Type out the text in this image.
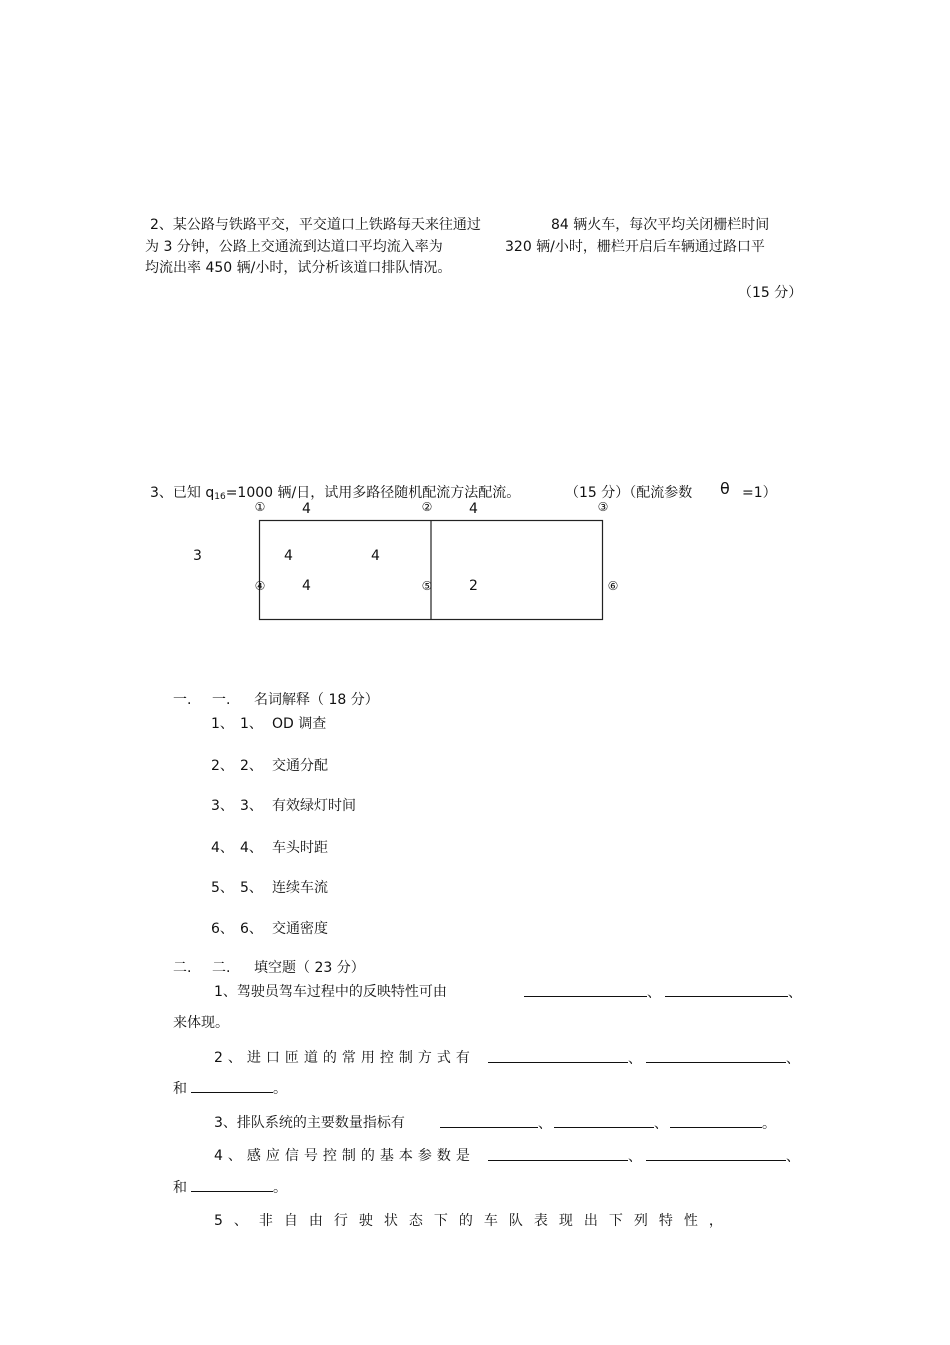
2、某公路与铁路平交，平交道口上铁路每天来往通过	84 辆火车，每次平均关闭栅栏时间
为 3 分钟，公路上交通流到达道口平均流入率为	320 辆/小时，栅栏开启后车辆通过路口平
均流出率 450 辆/小时，试分析该道口排队情况。
（15 分）
3、已知 $q_{16}=1000$ 辆/日，试用多路径随机配流方法配流。	（15 分）（配流参数 θ =1）
①	②	③
④	⑤	⑥
4	4
3	4	4
4	2
一. 一. 名词解释（ 18 分）
1、 1、 OD 调查
2、 2、 交通分配
3、 3、 有效绿灯时间
4、 4、 车头时距
5、 5、 连续车流
6、 6、 交通密度
二. 二. 填空题（ 23 分）
1、驾驶员驾车过程中的反映特性可由	、	、
来体现。
2、进口匝道的常用控制方式有	、	、
和	。
3、排队系统的主要数量指标有	、	、	。
4、感应信号控制的基本参数是	、	、
和	。
5、非自由行驶状态下的车队表现出下列特性，
